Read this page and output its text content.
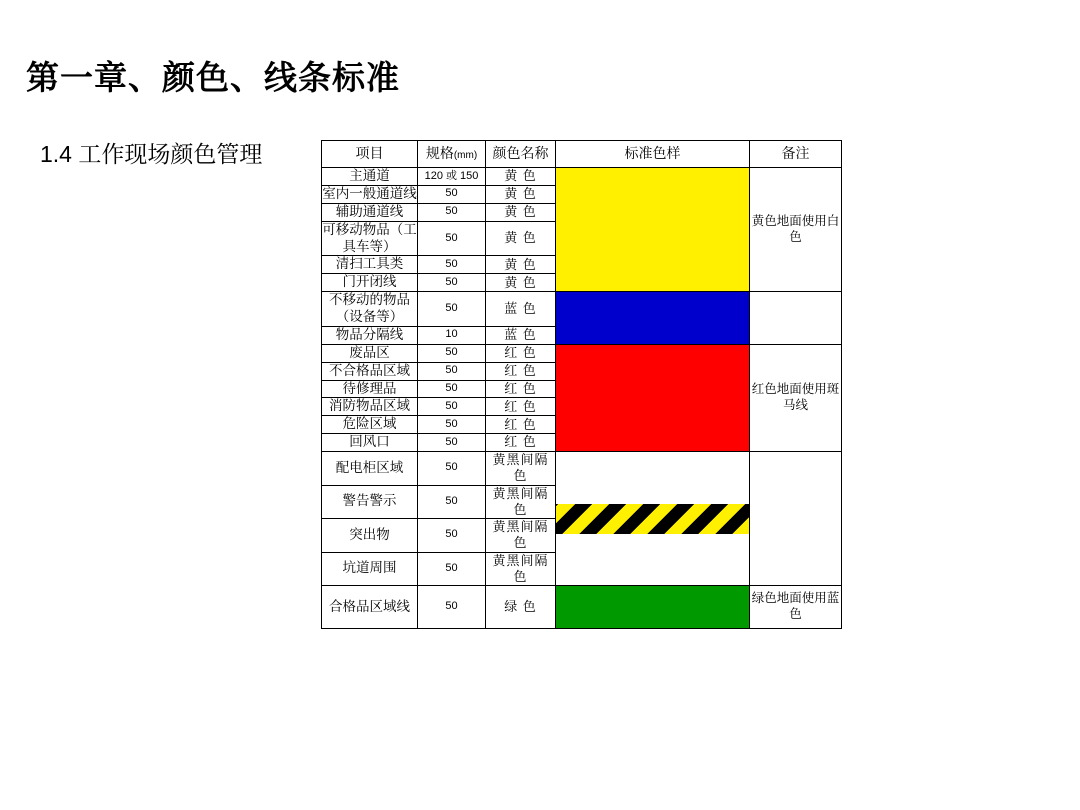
第一章、颜色、线条标准
1.4 工作现场颜色管理	项目	规格(mm)	颜色名称	标准色样	备注
主通道	120 或 150	黄 色		黄色地面使用白色
室内一般通道线	50	黄 色		
辅助通道线	50	黄 色		
可移动物品（工具车等）	50	黄 色		
清扫工具类	50	黄 色		
门开闭线	50	黄 色		
不移动的物品（设备等）	50	蓝 色		
物品分隔线	10	蓝 色		
废品区	50	红 色		红色地面使用斑马线
不合格品区域	50	红 色		
待修理品	50	红 色		
消防物品区域	50	红 色		
危险区域	50	红 色		
回风口	50	红 色		
配电柜区域	50	黄黑间隔色	

警告警示	50	黄黑间隔色		
突出物	50	黄黑间隔色		
坑道周围	50	黄黑间隔色		
合格品区域线	50	绿 色		绿色地面使用蓝色
